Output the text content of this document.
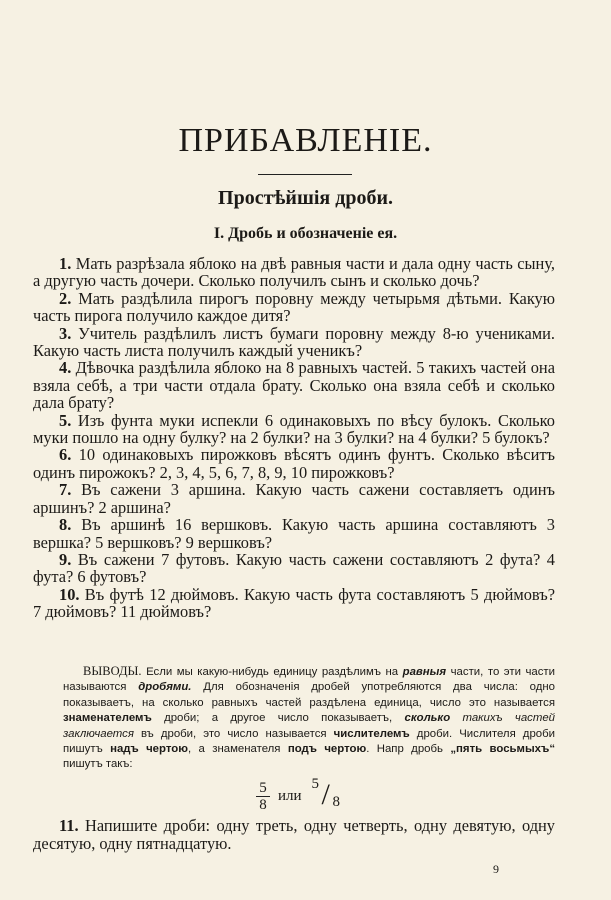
ПРИБАВЛЕНІЕ.
Простѣйшія дроби.
I. Дробь и обозначеніе ея.

1. Мать разрѣзала яблоко на двѣ равныя части и дала одну часть сыну, а другую часть дочери. Сколько получилъ сынъ и сколько дочь?

2. Мать раздѣлила пирогъ поровну между четырьмя дѣтьми. Какую часть пирога получило каждое дитя?

3. Учитель раздѣлилъ листъ бумаги поровну между 8-ю учениками. Какую часть листа получилъ каждый ученикъ?

4. Дѣвочка раздѣлила яблоко на 8 равныхъ частей. 5 такихъ частей она взяла себѣ, а три части отдала брату. Сколько она взяла себѣ и сколько дала брату?

5. Изъ фунта муки испекли 6 одинаковыхъ по вѣсу булокъ. Сколько муки пошло на одну булку? на 2 булки? на 3 булки? на 4 булки? 5 булокъ?

6. 10 одинаковыхъ пирожковъ вѣсятъ одинъ фунтъ. Сколько вѣситъ одинъ пирожокъ? 2, 3, 4, 5, 6, 7, 8, 9, 10 пирожковъ?

7. Въ сажени 3 аршина. Какую часть сажени составляетъ одинъ аршинъ? 2 аршина?

8. Въ аршинѣ 16 вершковъ. Какую часть аршина составляютъ 3 вершка? 5 вершковъ? 9 вершковъ?

9. Въ сажени 7 футовъ. Какую часть сажени составляютъ 2 фута? 4 фута? 6 футовъ?

10. Въ футѣ 12 дюймовъ. Какую часть фута составляютъ 5 дюймовъ? 7 дюймовъ? 11 дюймовъ?

ВЫВОДЫ. Если мы какую-нибудь единицу раздѣлимъ на равныя части, то эти части называются дробями. Для обозначенія дробей употребляются два числа: одно показываетъ, на сколько равныхъ частей раздѣлена единица, число это называется знаменателемъ дроби; а другое число показываетъ, сколько такихъ частей заключается въ дроби, это число называется числителемъ дроби. Числителя дроби пишутъ надъ чертою, а знаменателя подъ чертою. Напр дробь „пять восьмыхъ“ пишутъ такъ:
$\frac{5}{8}$ или
5 / 8

11. Напишите дроби: одну треть, одну четверть, одну девятую, одну десятую, одну пятнадцатую.

9
